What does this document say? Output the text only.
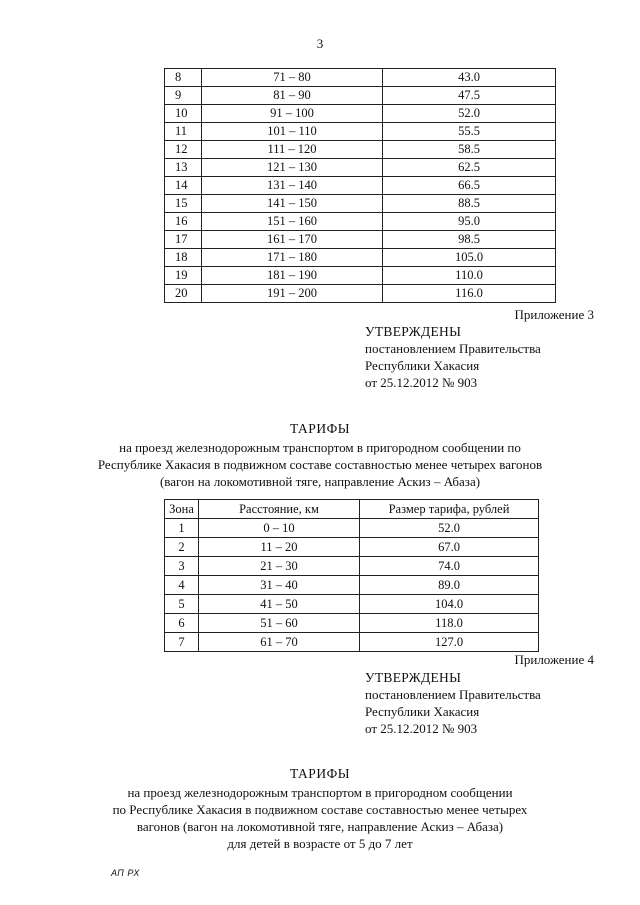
3
8	71 – 80	43.0
9	81 – 90	47.5
10	91 – 100	52.0
11	101 – 110	55.5
12	111 – 120	58.5
13	121 – 130	62.5
14	131 – 140	66.5
15	141 – 150	88.5
16	151 – 160	95.0
17	161 – 170	98.5
18	171 – 180	105.0
19	181 – 190	110.0
20	191 – 200	116.0
Приложение 3
УТВЕРЖДЕНЫ
постановлением Правительства
Республики Хакасия
от 25.12.2012 № 903
ТАРИФЫ
на проезд железнодорожным транспортом в пригородном сообщении по
Республике Хакасия в подвижном составе составностью менее четырех вагонов
(вагон на локомотивной тяге, направление Аскиз – Абаза)
Зона	Расстояние, км	Размер тарифа, рублей
1	0 – 10	52.0
2	11 – 20	67.0
3	21 – 30	74.0
4	31 – 40	89.0
5	41 – 50	104.0
6	51 – 60	118.0
7	61 – 70	127.0
Приложение 4
УТВЕРЖДЕНЫ
постановлением Правительства
Республики Хакасия
от 25.12.2012 № 903
ТАРИФЫ
на проезд железнодорожным транспортом в пригородном сообщении
по Республике Хакасия в подвижном составе составностью менее четырех
вагонов (вагон на локомотивной тяге, направление Аскиз – Абаза)
для детей в возрасте от 5 до 7 лет
АП РХ
